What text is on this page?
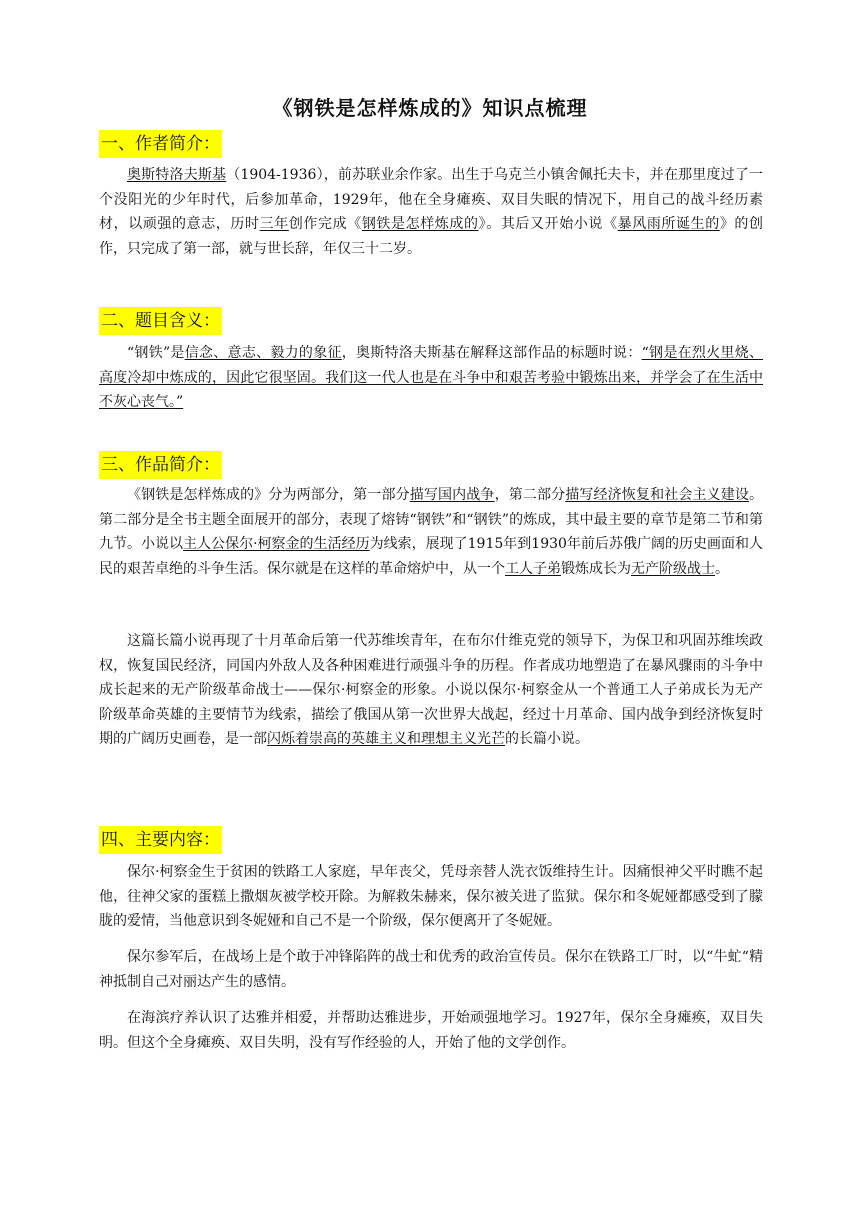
《钢铁是怎样炼成的》知识点梳理
一、作者简介：

奥斯特洛夫斯基（1904-1936），前苏联业余作家。出生于乌克兰小镇舍佩托夫卡，并在那里度过了一个没阳光的少年时代，后参加革命，1929年，他在全身瘫痪、双目失眠的情况下，用自己的战斗经历素材，以顽强的意志，历时三年创作完成《钢铁是怎样炼成的》。其后又开始小说《暴风雨所诞生的》的创作，只完成了第一部，就与世长辞，年仅三十二岁。

二、题目含义：

“钢铁”是信念、意志、毅力的象征，奥斯特洛夫斯基在解释这部作品的标题时说：“钢是在烈火里烧、高度冷却中炼成的，因此它很坚固。我们这一代人也是在斗争中和艰苦考验中锻炼出来，并学会了在生活中不灰心丧气。”

三、作品简介：

《钢铁是怎样炼成的》分为两部分，第一部分描写国内战争，第二部分描写经济恢复和社会主义建设。第二部分是全书主题全面展开的部分，表现了熔铸“钢铁”和“钢铁”的炼成，其中最主要的章节是第二节和第九节。小说以主人公保尔·柯察金的生活经历为线索，展现了1915年到1930年前后苏俄广阔的历史画面和人民的艰苦卓绝的斗争生活。保尔就是在这样的革命熔炉中，从一个工人子弟锻炼成长为无产阶级战士。

这篇长篇小说再现了十月革命后第一代苏维埃青年，在布尔什维克党的领导下，为保卫和巩固苏维埃政权，恢复国民经济，同国内外敌人及各种困难进行顽强斗争的历程。作者成功地塑造了在暴风骤雨的斗争中成长起来的无产阶级革命战士——保尔·柯察金的形象。小说以保尔·柯察金从一个普通工人子弟成长为无产阶级革命英雄的主要情节为线索，描绘了俄国从第一次世界大战起，经过十月革命、国内战争到经济恢复时期的广阔历史画卷，是一部闪烁着崇高的英雄主义和理想主义光芒的长篇小说。

四、主要内容：

保尔·柯察金生于贫困的铁路工人家庭，早年丧父，凭母亲替人洗衣饭维持生计。因痛恨神父平时瞧不起他，往神父家的蛋糕上撒烟灰被学校开除。为解救朱赫来，保尔被关进了监狱。保尔和冬妮娅都感受到了朦胧的爱情，当他意识到冬妮娅和自己不是一个阶级，保尔便离开了冬妮娅。

保尔参军后，在战场上是个敢于冲锋陷阵的战士和优秀的政治宣传员。保尔在铁路工厂时，以“牛虻“精神抵制自己对丽达产生的感情。

在海滨疗养认识了达雅并相爱，并帮助达雅进步，开始顽强地学习。1927年，保尔全身瘫痪，双目失明。但这个全身瘫痪、双目失明，没有写作经验的人，开始了他的文学创作。
